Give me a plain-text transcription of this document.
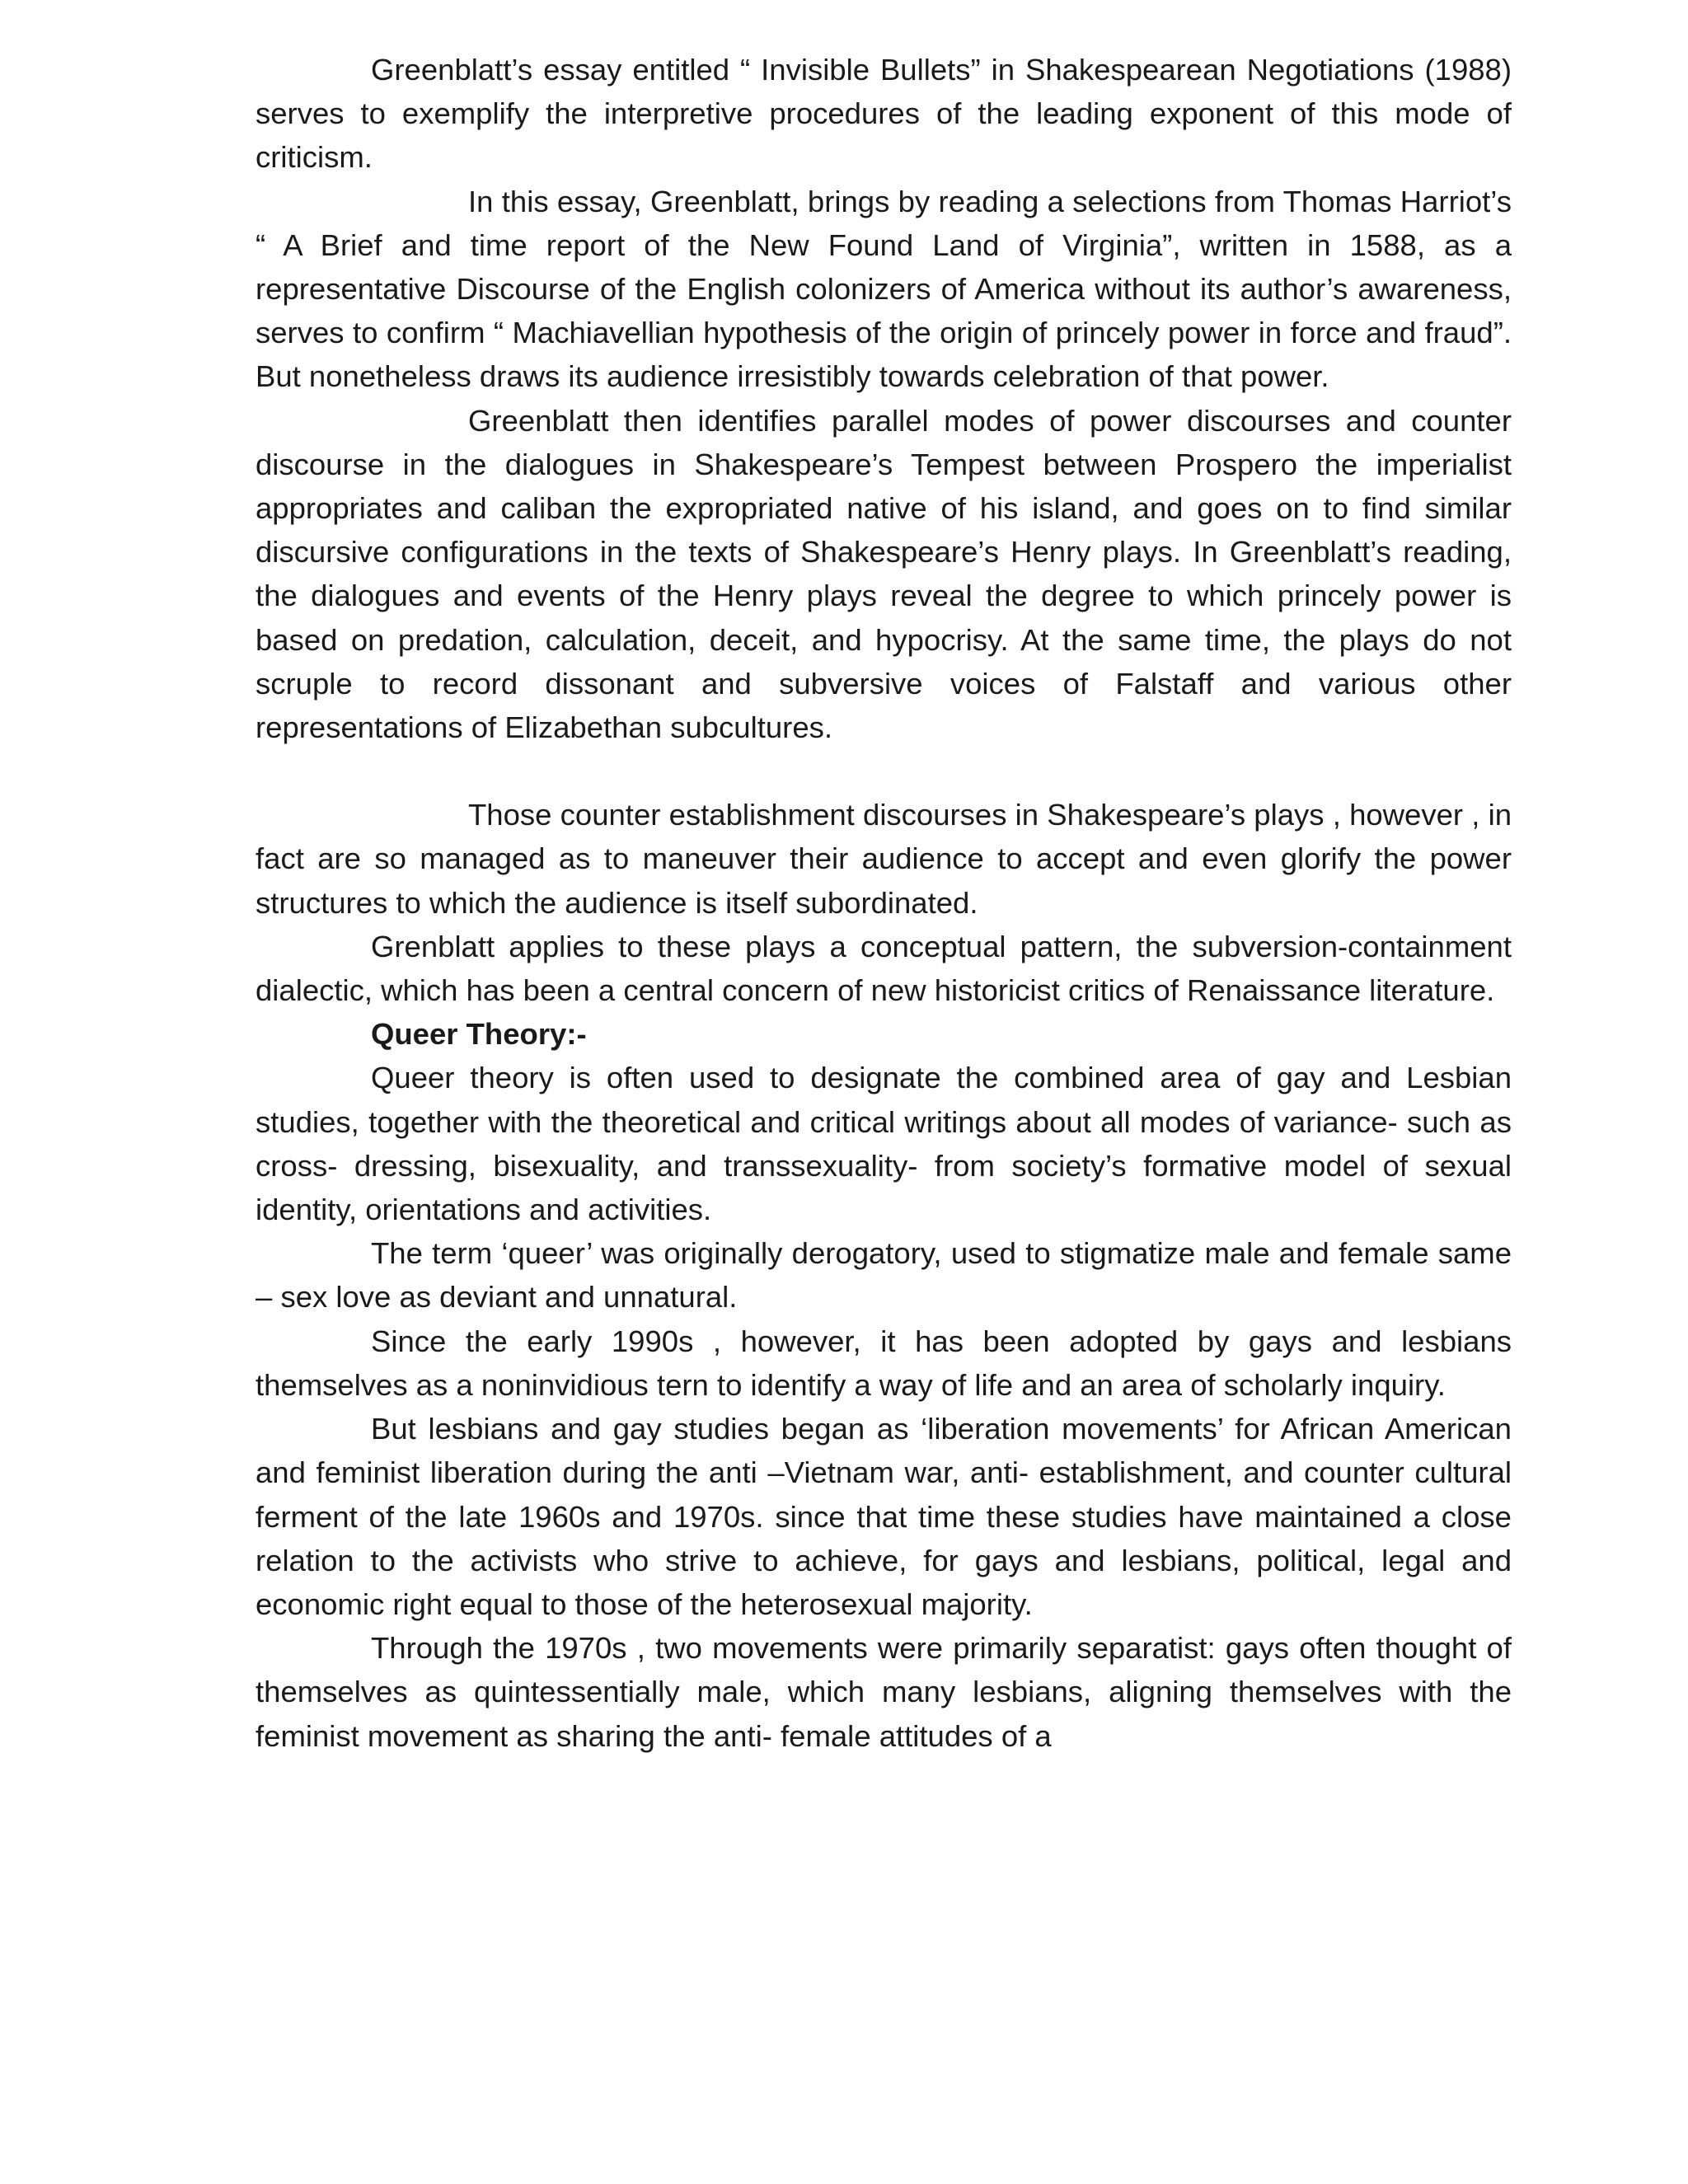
Greenblatt’s essay entitled “ Invisible Bullets” in Shakespearean Negotiations (1988) serves to exemplify the interpretive procedures of the leading exponent of this mode of criticism.

In this essay, Greenblatt, brings by reading a selections from Thomas Harriot’s “ A Brief and time report of the New Found Land of Virginia”, written in 1588, as a representative Discourse of the English colonizers of America without its author’s awareness, serves to confirm “ Machiavellian hypothesis of the origin of princely power in force and fraud”. But nonetheless draws its audience irresistibly towards celebration of that power.

Greenblatt then identifies parallel modes of power discourses and counter discourse in the dialogues in Shakespeare’s Tempest between Prospero the imperialist appropriates and caliban the expropriated native of his island, and goes on to find similar discursive configurations in the texts of Shakespeare’s Henry plays. In Greenblatt’s reading, the dialogues and events of the Henry plays reveal the degree to which princely power is based on predation, calculation, deceit, and hypocrisy. At the same time, the plays do not scruple to record dissonant and subversive voices of Falstaff and various other representations of Elizabethan subcultures.

Those counter establishment discourses in Shakespeare’s plays , however , in fact are so managed as to maneuver their audience to accept and even glorify the power structures to which the audience is itself subordinated.

Grenblatt applies to these plays a conceptual pattern, the subversion-containment dialectic, which has been a central concern of new historicist critics of Renaissance literature.

Queer Theory:-

Queer theory is often used to designate the combined area of gay and Lesbian studies, together with the theoretical and critical writings about all modes of variance- such as cross- dressing, bisexuality, and transsexuality- from society’s formative model of sexual identity, orientations and activities.

The term ‘queer’ was originally derogatory, used to stigmatize male and female same – sex love as deviant and unnatural.

Since the early 1990s , however, it has been adopted by gays and lesbians themselves as a noninvidious tern to identify a way of life and an area of scholarly inquiry.

But lesbians and gay studies began as ‘liberation movements’ for African American and feminist liberation during the anti –Vietnam war, anti- establishment, and counter cultural ferment of the late 1960s and 1970s. since that time these studies have maintained a close relation to the activists who strive to achieve, for gays and lesbians, political, legal and economic right equal to those of the heterosexual majority.

Through the 1970s , two movements were primarily separatist: gays often thought of themselves as quintessentially male, which many lesbians, aligning themselves with the feminist movement as sharing the anti- female attitudes of a
